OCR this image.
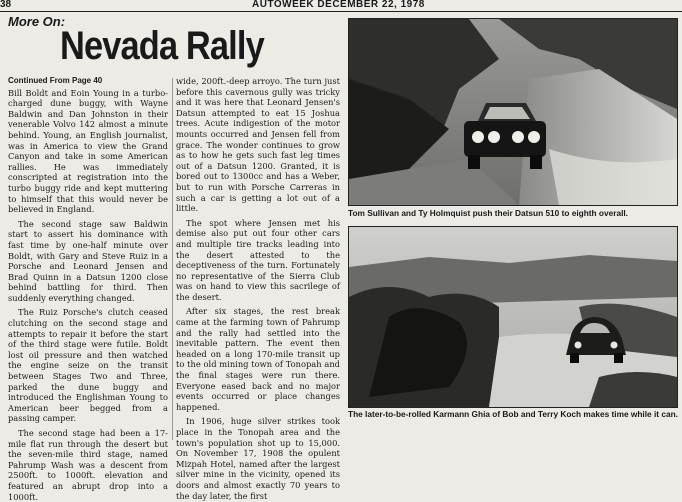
38	AUTOWEEK DECEMBER 22, 1978
More On:
Nevada Rally
Continued From Page 40

Bill Boldt and Eoin Young in a turbo-charged dune buggy, with Wayne Baldwin and Dan Johnston in their venerable Volvo 142 almost a minute behind. Young, an English journalist, was in America to view the Grand Canyon and take in some American rallies. He was immediately conscripted at registration into the turbo buggy ride and kept muttering to himself that this would never be believed in England.

The second stage saw Baldwin start to assert his dominance with fast time by one-half minute over Boldt, with Gary and Steve Ruiz in a Porsche and Leonard Jensen and Brad Quinn in a Datsun 1200 close behind battling for third. Then suddenly everything changed.

The Ruiz Porsche's clutch ceased clutching on the second stage and attempts to repair it before the start of the third stage were futile. Boldt lost oil pressure and then watched the engine seize on the transit between Stages Two and Three, parked the dune buggy and introduced the Englishman Young to American beer begged from a passing camper.

The second stage had been a 17-mile flat run through the desert but the seven-mile third stage, named Pahrump Wash was a descent from 2500ft. to 1000ft. elevation and featured an abrupt drop into a 1000ft.

wide, 200ft.-deep arroyo. The turn just before this cavernous gully was tricky and it was here that Leonard Jensen's Datsun attempted to eat 15 Joshua trees. Acute indigestion of the motor mounts occurred and Jensen fell from grace. The wonder continues to grow as to how he gets such fast leg times out of a Datsun 1200. Granted, it is bored out to 1300cc and has a Weber, but to run with Porsche Carreras in such a car is getting a lot out of a little.

The spot where Jensen met his demise also put out four other cars and multiple tire tracks leading into the desert attested to the deceptiveness of the turn. Fortunately no representative of the Sierra Club was on hand to view this sacrilege of the desert.

After six stages, the rest break came at the farming town of Pahrump and the rally had settled into the inevitable pattern. The event then headed on a long 170-mile transit up to the old mining town of Tonopah and the final stages were run there. Everyone eased back and no major events occurred or place changes happened.

In 1906, huge silver strikes took place in the Tonopah area and the town's population shot up to 15,000. On November 17, 1908 the opulent Mizpah Hotel, named after the largest silver mine in the vicinity, opened its doors and almost exactly 70 years to the day later, the first

Tom Sullivan and Ty Holmquist push their Datsun 510 to eighth overall.
The later-to-be-rolled Karmann Ghia of Bob and Terry Koch makes time while it can.
